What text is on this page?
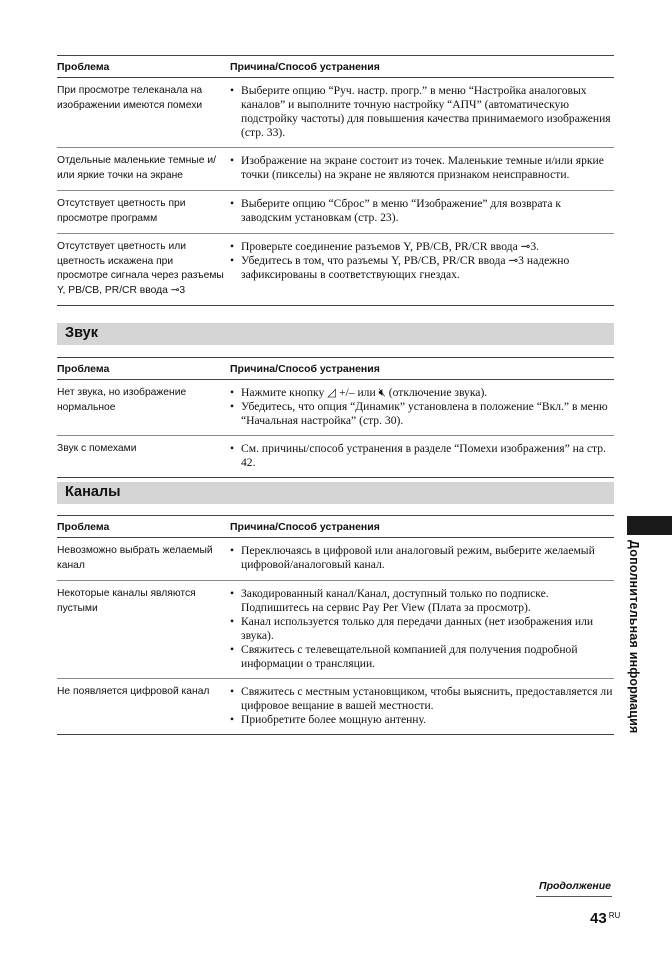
Проблема	Причина/Способ устранения
При просмотре телеканала на изображении имеются помехи
• Выберите опцию “Руч. настр. прогр.” в меню “Настройка аналоговых каналов” и выполните точную настройку “АПЧ” (автоматическую подстройку частоты) для повышения качества принимаемого изображения (стр. 33).
Отдельные маленькие темные и/или яркие точки на экране
• Изображение на экране состоит из точек. Маленькие темные и/или яркие точки (пикселы) на экране не являются признаком неисправности.
Отсутствует цветность при просмотре программ
• Выберите опцию “Сброс” в меню “Изображение” для возврата к заводским установкам (стр. 23).
Отсутствует цветность или цветность искажена при просмотре сигнала через разъемы Y, PB/CB, PR/CR ввода ⊸3
• Проверьте соединение разъемов Y, PB/CB, PR/CR ввода ⊸3.
• Убедитесь в том, что разъемы Y, PB/CB, PR/CR ввода ⊸3 надежно зафиксированы в соответствующих гнездах.
Звук
Проблема	Причина/Способ устранения
Нет звука, но изображение нормальное
• Нажмите кнопку ◿ +/– или 🔇︎ (отключение звука).
• Убедитесь, что опция “Динамик” установлена в положение “Вкл.” в меню “Начальная настройка” (стр. 30).
Звук с помехами	• См. причины/способ устранения в разделе “Помехи изображения” на стр. 42.
Каналы
Проблема	Причина/Способ устранения
Невозможно выбрать желаемый канал
• Переключаясь в цифровой или аналоговый режим, выберите желаемый цифровой/аналоговый канал.
Некоторые каналы являются пустыми
• Закодированный канал/Канал, доступный только по подписке. Подпишитесь на сервис Pay Per View (Плата за просмотр).
• Канал используется только для передачи данных (нет изображения или звука).
• Свяжитесь с телевещательной компанией для получения подробной информации о трансляции.
Не появляется цифровой канал	• Свяжитесь с местным установщиком, чтобы выяснить, предоставляется ли цифровое вещание в вашей местности.
• Приобретите более мощную антенну.	Дополнительная информация
Продолжение
43 $^{RU}$
